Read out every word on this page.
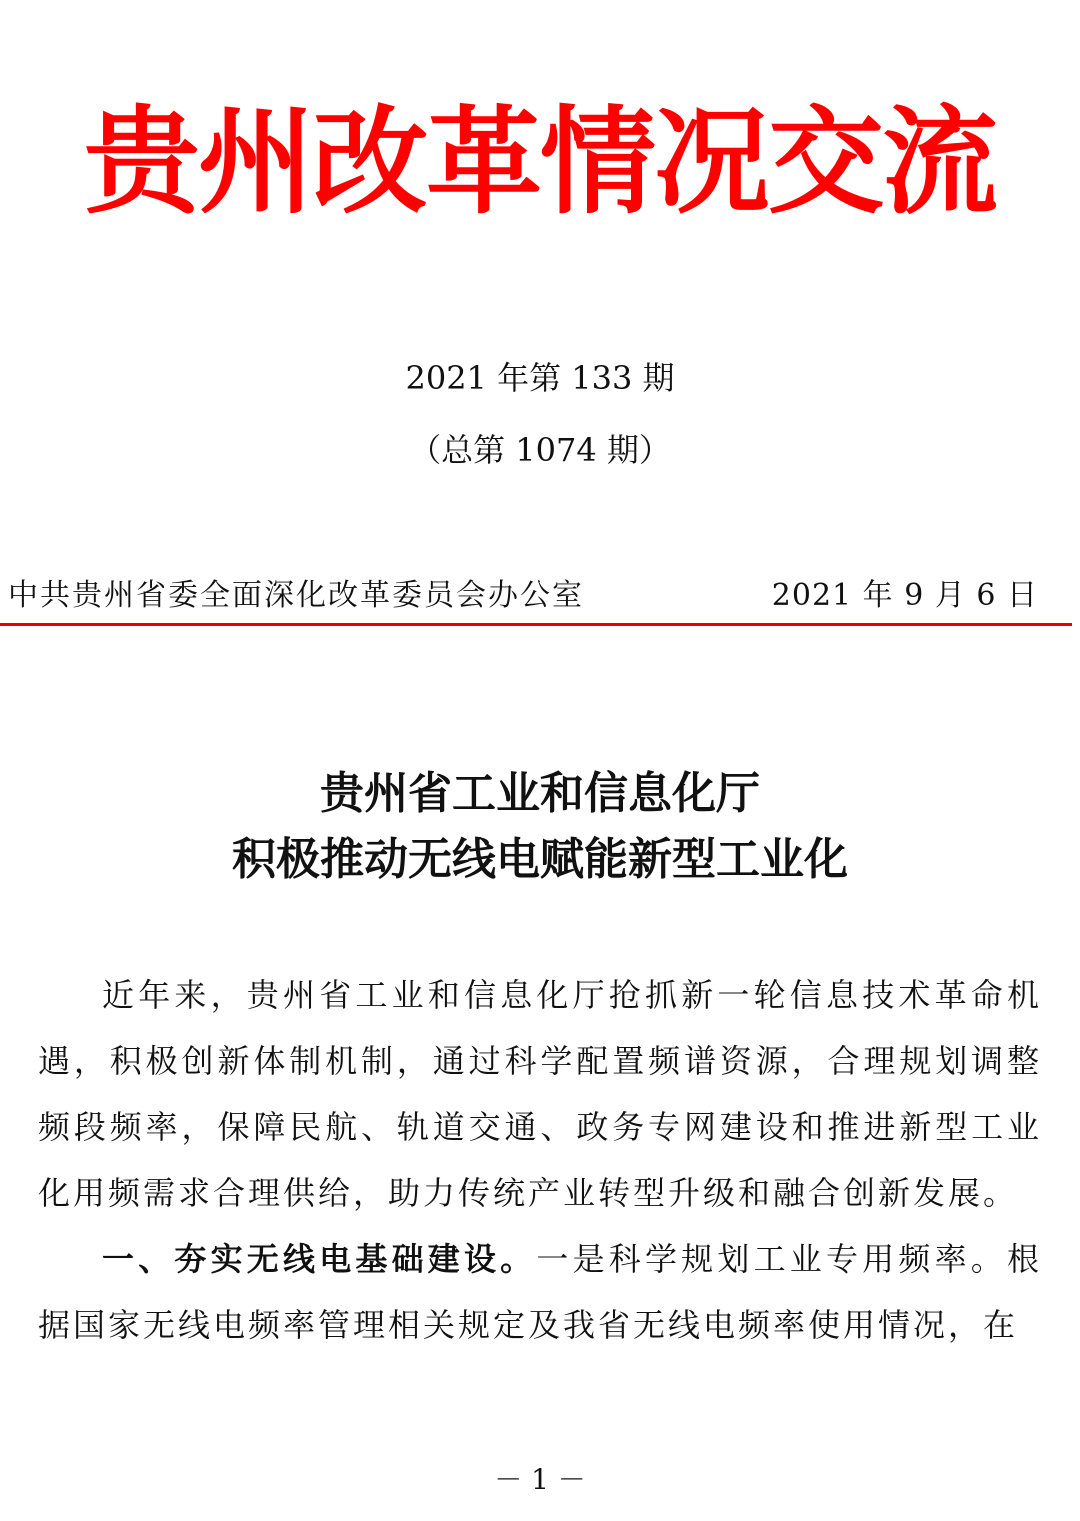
贵州改革情况交流
2021 年第 133 期
（总第 1074 期）
中共贵州省委全面深化改革委员会办公室	2021 年 9 月 6 日
贵州省工业和信息化厅
积极推动无线电赋能新型工业化

近年来，贵州省工业和信息化厅抢抓新一轮信息技术革命机遇，积极创新体制机制，通过科学配置频谱资源，合理规划调整频段频率，保障民航、轨道交通、政务专网建设和推进新型工业化用频需求合理供给，助力传统产业转型升级和融合创新发展。

一、夯实无线电基础建设。一是科学规划工业专用频率。根据国家无线电频率管理相关规定及我省无线电频率使用情况，在

－ 1 －
